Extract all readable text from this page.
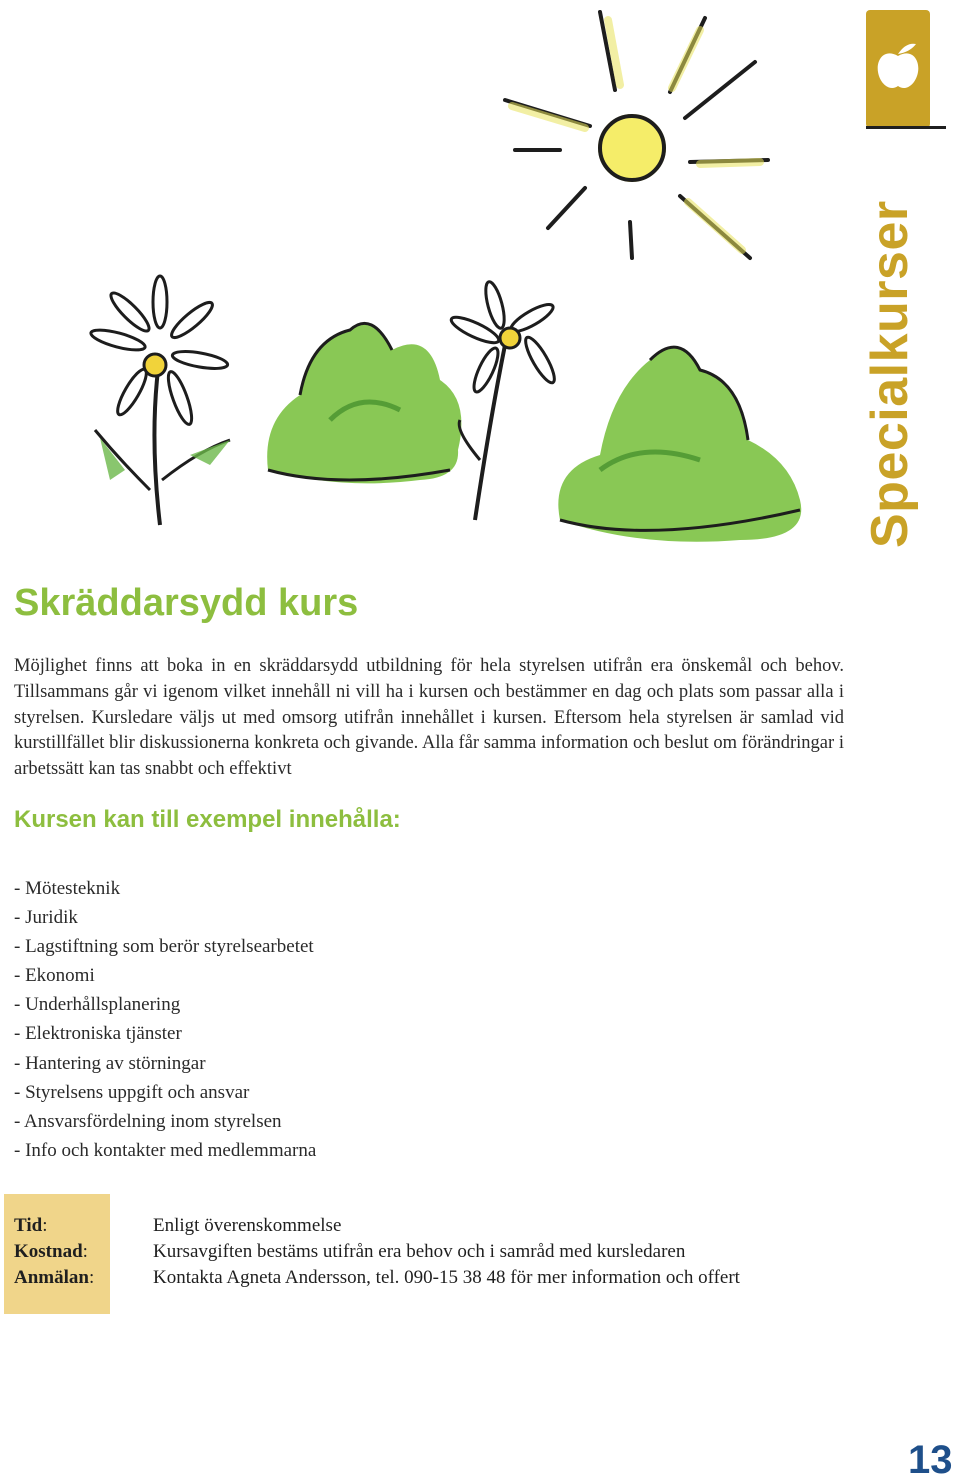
Specialkurser
Skräddarsydd kurs

Möjlighet finns att boka in en skräddarsydd utbildning för hela styrelsen utifrån era önskemål och behov. Tillsammans går vi igenom vilket innehåll ni vill ha i kursen och bestämmer en dag och plats som passar alla i styrelsen. Kursledare väljs ut med omsorg utifrån innehållet i kursen. Eftersom hela styrelsen är samlad vid kurstillfället blir diskussionerna konkreta och givande. Alla får samma information och beslut om förändringar i arbetssätt kan tas snabbt och effektivt

Kursen kan till exempel innehålla:
- Mötesteknik
- Juridik
- Lagstiftning som berör styrelsearbetet
- Ekonomi
- Underhållsplanering
- Elektroniska tjänster
- Hantering av störningar
- Styrelsens uppgift och ansvar
- Ansvarsfördelning inom styrelsen
- Info och kontakter med medlemmarna
Tid:	Enligt överenskommelse
Kostnad:	Kursavgiften bestäms utifrån era behov och i samråd med kursledaren
Anmälan:	Kontakta Agneta Andersson, tel. 090-15 38 48 för mer information och offert
13
